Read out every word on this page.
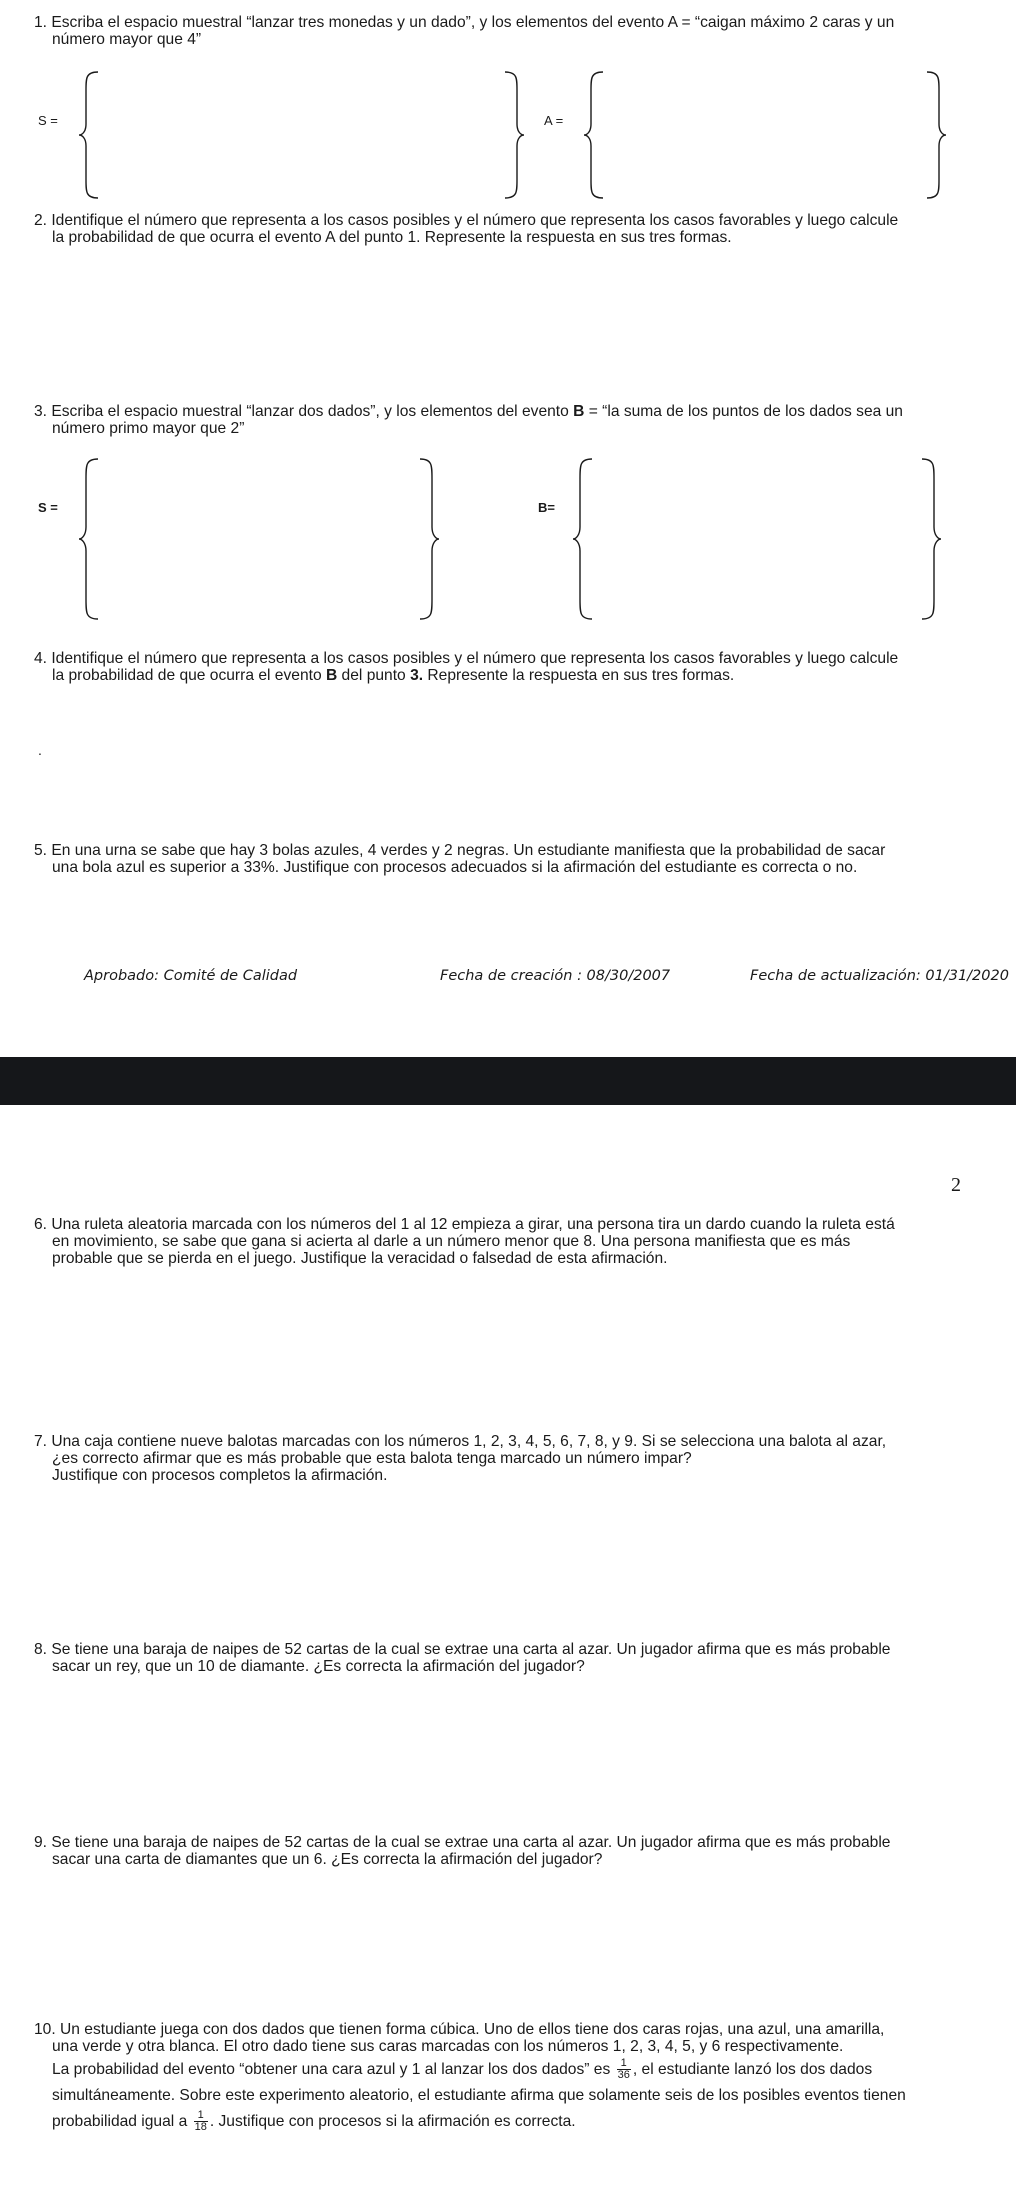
1. Escriba el espacio muestral “lanzar tres monedas y un dado”, y los elementos del evento A = “caigan máximo 2 caras y un
número mayor que 4”
S =	A =
2. Identifique el número que representa a los casos posibles y el número que representa los casos favorables y luego calcule
la probabilidad de que ocurra el evento A del punto 1. Represente la respuesta en sus tres formas.
3. Escriba el espacio muestral “lanzar dos dados”, y los elementos del evento B = “la suma de los puntos de los dados sea un
número primo mayor que 2”
S =	B=
4. Identifique el número que representa a los casos posibles y el número que representa los casos favorables y luego calcule
la probabilidad de que ocurra el evento B del punto 3. Represente la respuesta en sus tres formas.
.
5. En una urna se sabe que hay 3 bolas azules, 4 verdes y 2 negras. Un estudiante manifiesta que la probabilidad de sacar
una bola azul es superior a 33%. Justifique con procesos adecuados si la afirmación del estudiante es correcta o no.
Aprobado: Comité de Calidad	Fecha de creación : 08/30/2007	Fecha de actualización: 01/31/2020
2
6. Una ruleta aleatoria marcada con los números del 1 al 12 empieza a girar, una persona tira un dardo cuando la ruleta está
en movimiento, se sabe que gana si acierta al darle a un número menor que 8. Una persona manifiesta que es más
probable que se pierda en el juego. Justifique la veracidad o falsedad de esta afirmación.
7. Una caja contiene nueve balotas marcadas con los números 1, 2, 3, 4, 5, 6, 7, 8, y 9. Si se selecciona una balota al azar,
¿es correcto afirmar que es más probable que esta balota tenga marcado un número impar?
Justifique con procesos completos la afirmación.
8. Se tiene una baraja de naipes de 52 cartas de la cual se extrae una carta al azar. Un jugador afirma que es más probable
sacar un rey, que un 10 de diamante. ¿Es correcta la afirmación del jugador?
9. Se tiene una baraja de naipes de 52 cartas de la cual se extrae una carta al azar. Un jugador afirma que es más probable
sacar una carta de diamantes que un 6. ¿Es correcta la afirmación del jugador?
10. Un estudiante juega con dos dados que tienen forma cúbica. Uno de ellos tiene dos caras rojas, una azul, una amarilla,
una verde y otra blanca. El otro dado tiene sus caras marcadas con los números 1, 2, 3, 4, 5, y 6 respectivamente.
La probabilidad del evento “obtener una cara azul y 1 al lanzar los dos dados” es $\frac{1}{36}$ , el estudiante lanzó los dos dados
simultáneamente. Sobre este experimento aleatorio, el estudiante afirma que solamente seis de los posibles eventos tienen
probabilidad igual a $\frac{1}{18}$ . Justifique con procesos si la afirmación es correcta.
